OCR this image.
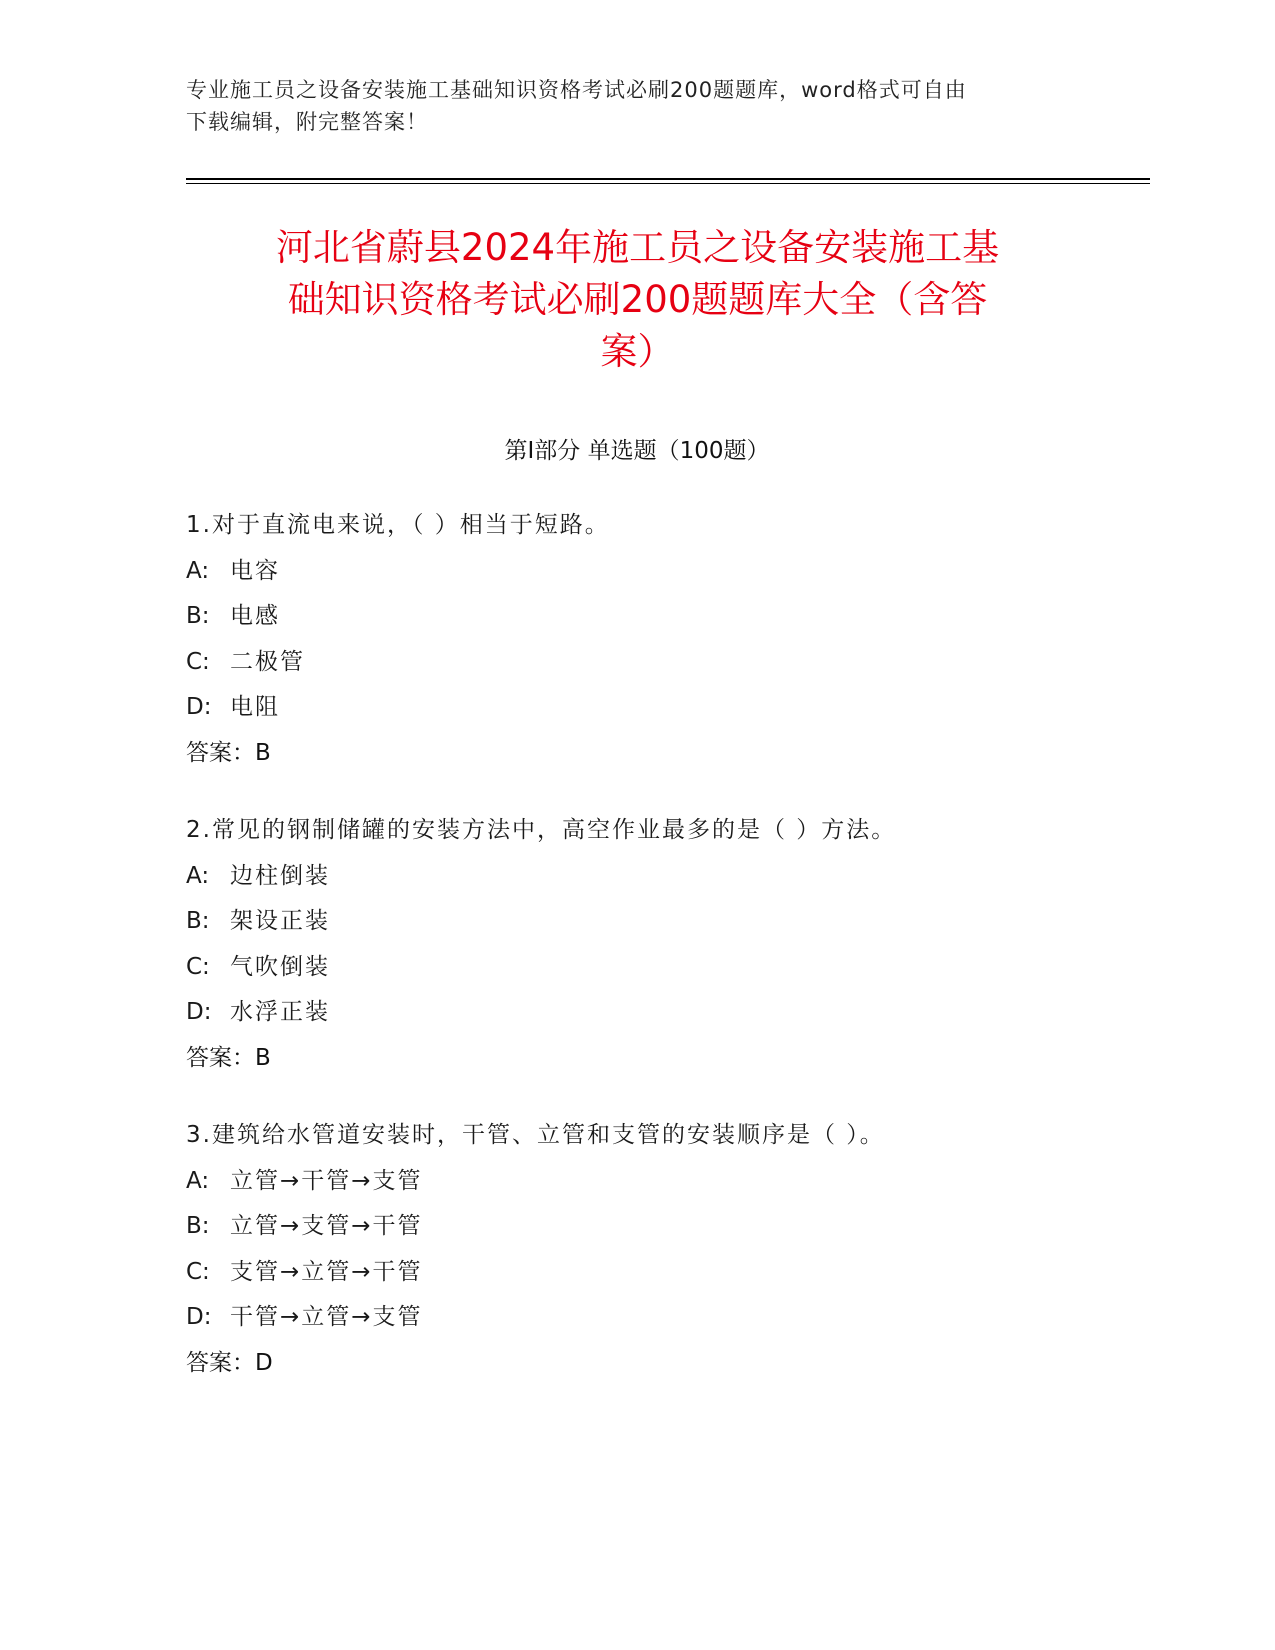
专业施工员之设备安装施工基础知识资格考试必刷200题题库，word格式可自由
下载编辑，附完整答案！
河北省蔚县2024年施工员之设备安装施工基
础知识资格考试必刷200题题库大全（含答
案）
第Ⅰ部分 单选题（100题）
1.对于直流电来说，（ ）相当于短路。
A: 电容
B: 电感
C: 二极管
D: 电阻
答案：B
2.常见的钢制储罐的安装方法中，高空作业最多的是（ ）方法。
A: 边柱倒装
B: 架设正装
C: 气吹倒装
D: 水浮正装
答案：B
3.建筑给水管道安装时，干管、立管和支管的安装顺序是（ ）。
A: 立管→干管→支管
B: 立管→支管→干管
C: 支管→立管→干管
D: 干管→立管→支管
答案：D
